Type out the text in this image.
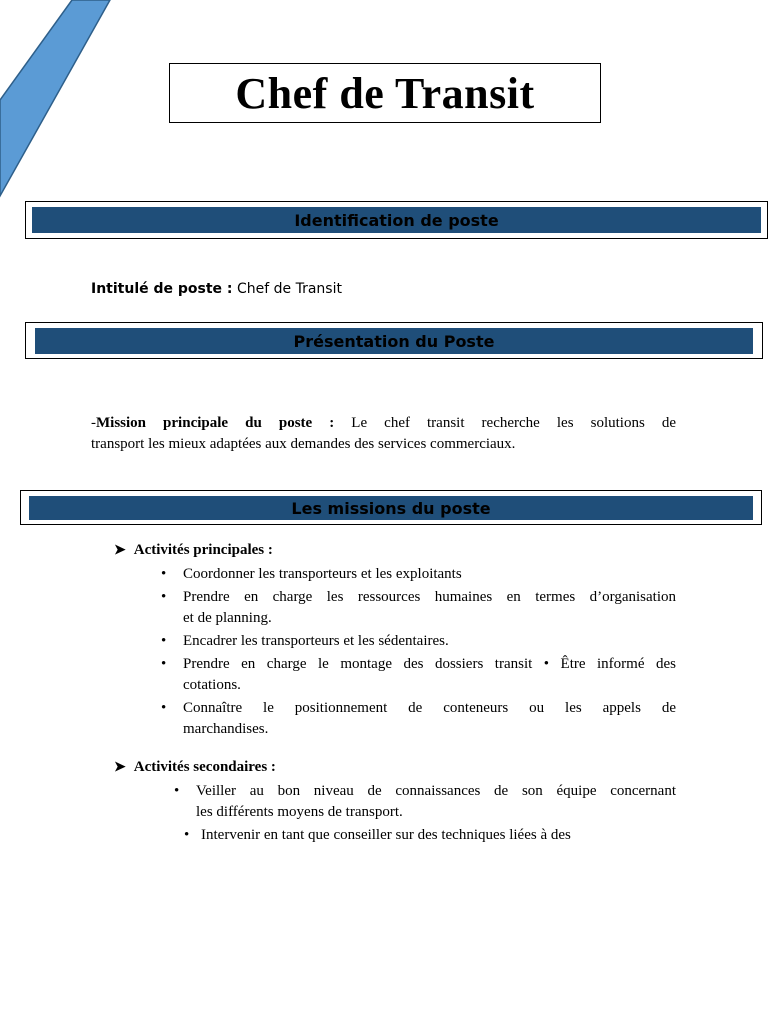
Chef de Transit
Identification de poste
Intitulé de poste : Chef de Transit
Présentation du Poste
-Mission principale du poste : Le chef transit recherche les solutions de
transport les mieux adaptées aux demandes des services commerciaux.
Les missions du poste
➤ Activités principales :
• Coordonner les transporteurs et les exploitants
• Prendre en charge les ressources humaines en termes d’organisation
et de planning.
• Encadrer les transporteurs et les sédentaires.
• Prendre en charge le montage des dossiers transit • Être informé des
cotations.
• Connaître le positionnement de conteneurs ou les appels de
marchandises.
➤ Activités secondaires :
• Veiller au bon niveau de connaissances de son équipe concernant
les différents moyens de transport.
• Intervenir en tant que conseiller sur des techniques liées à des
